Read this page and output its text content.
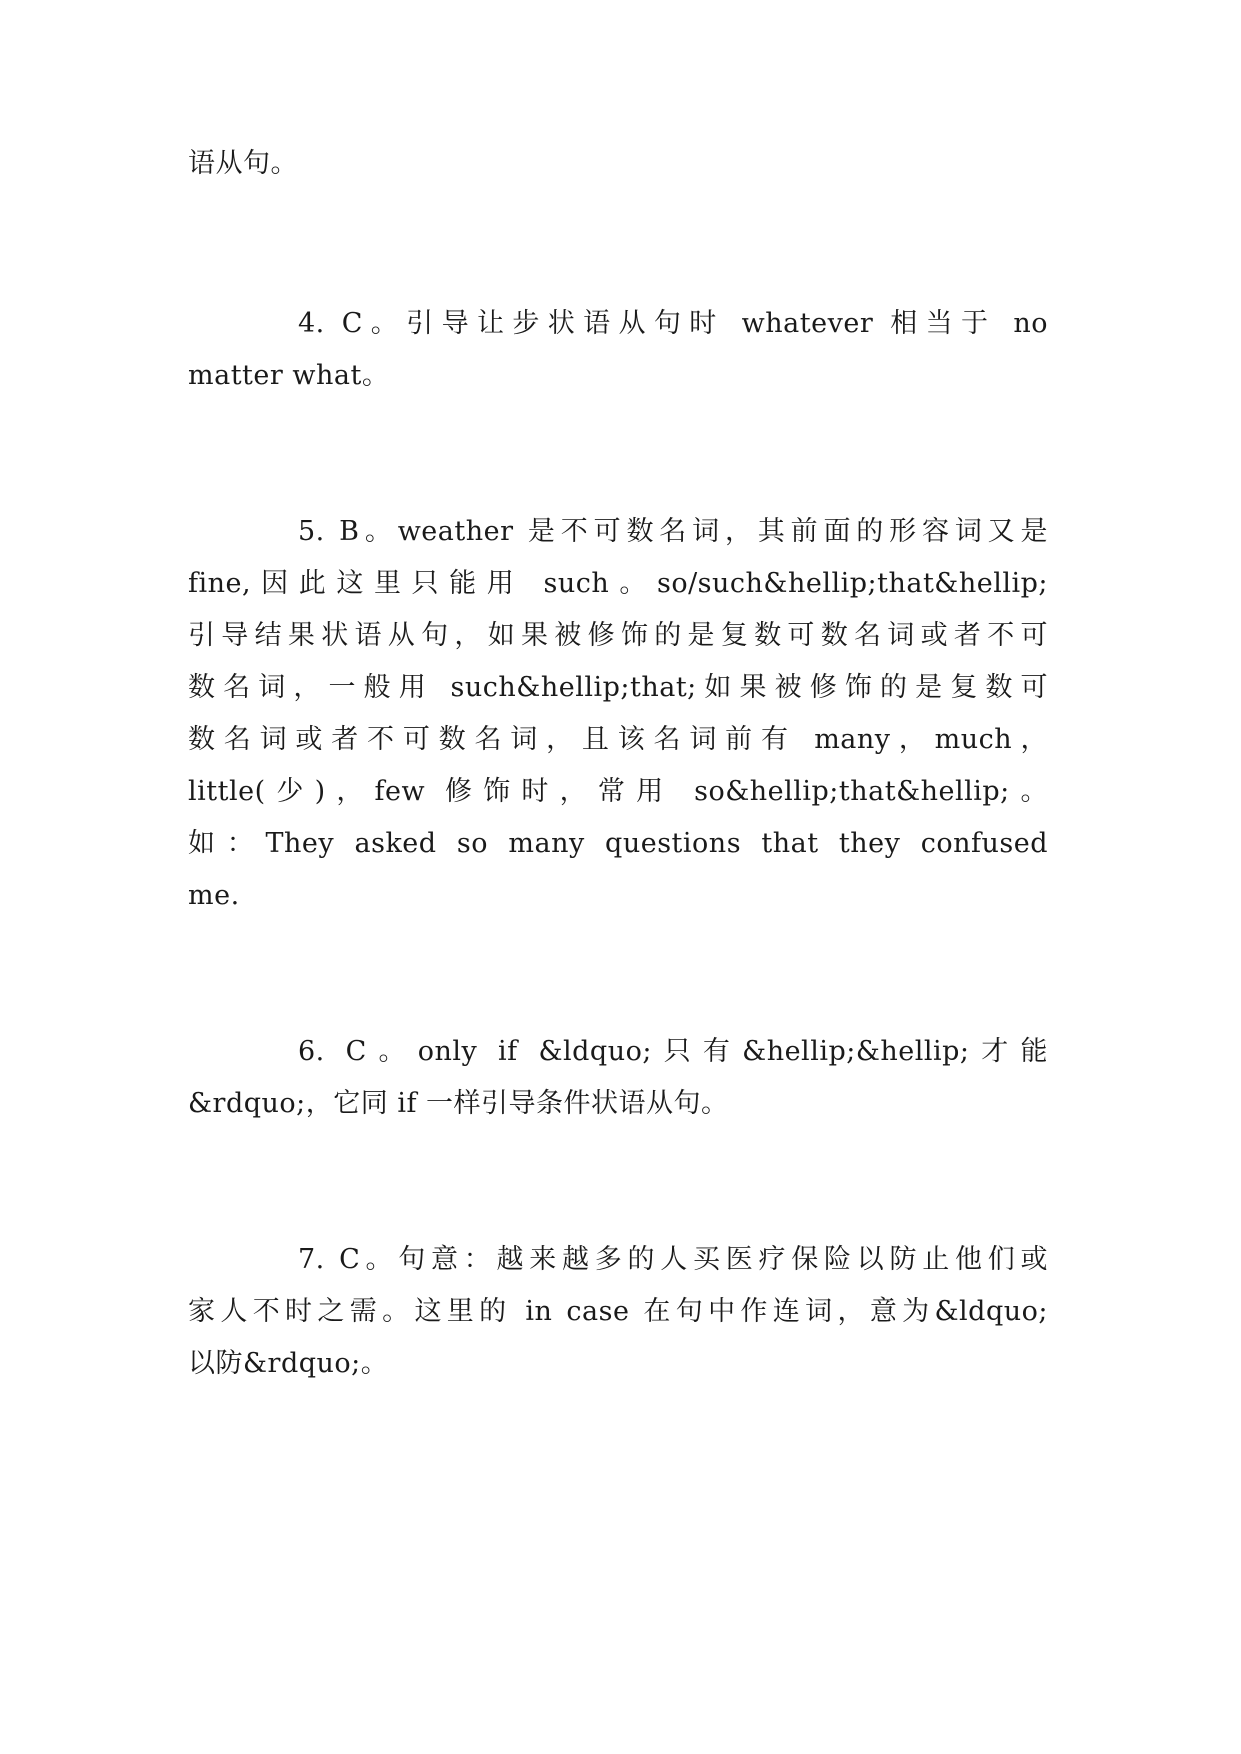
语从句。
4. C。引导让步状语从句时 whatever 相当于 no
matter what。
5. B。weather 是不可数名词，其前面的形容词又是
fine,因此这里只能用 such。so/such&hellip;that&hellip;
引导结果状语从句，如果被修饰的是复数可数名词或者不可
数名词，一般用 such&hellip;that;如果被修饰的是复数可
数名词或者不可数名词，且该名词前有 many，much，
little(少)，few 修饰时，常用 so&hellip;that&hellip;。
如：They asked so many questions that they confused
me.
6. C。only if &ldquo;只有&hellip;&hellip;才能
&rdquo;，它同 if 一样引导条件状语从句。
7. C。句意：越来越多的人买医疗保险以防止他们或
家人不时之需。这里的 in case 在句中作连词，意为&ldquo;
以防&rdquo;。
